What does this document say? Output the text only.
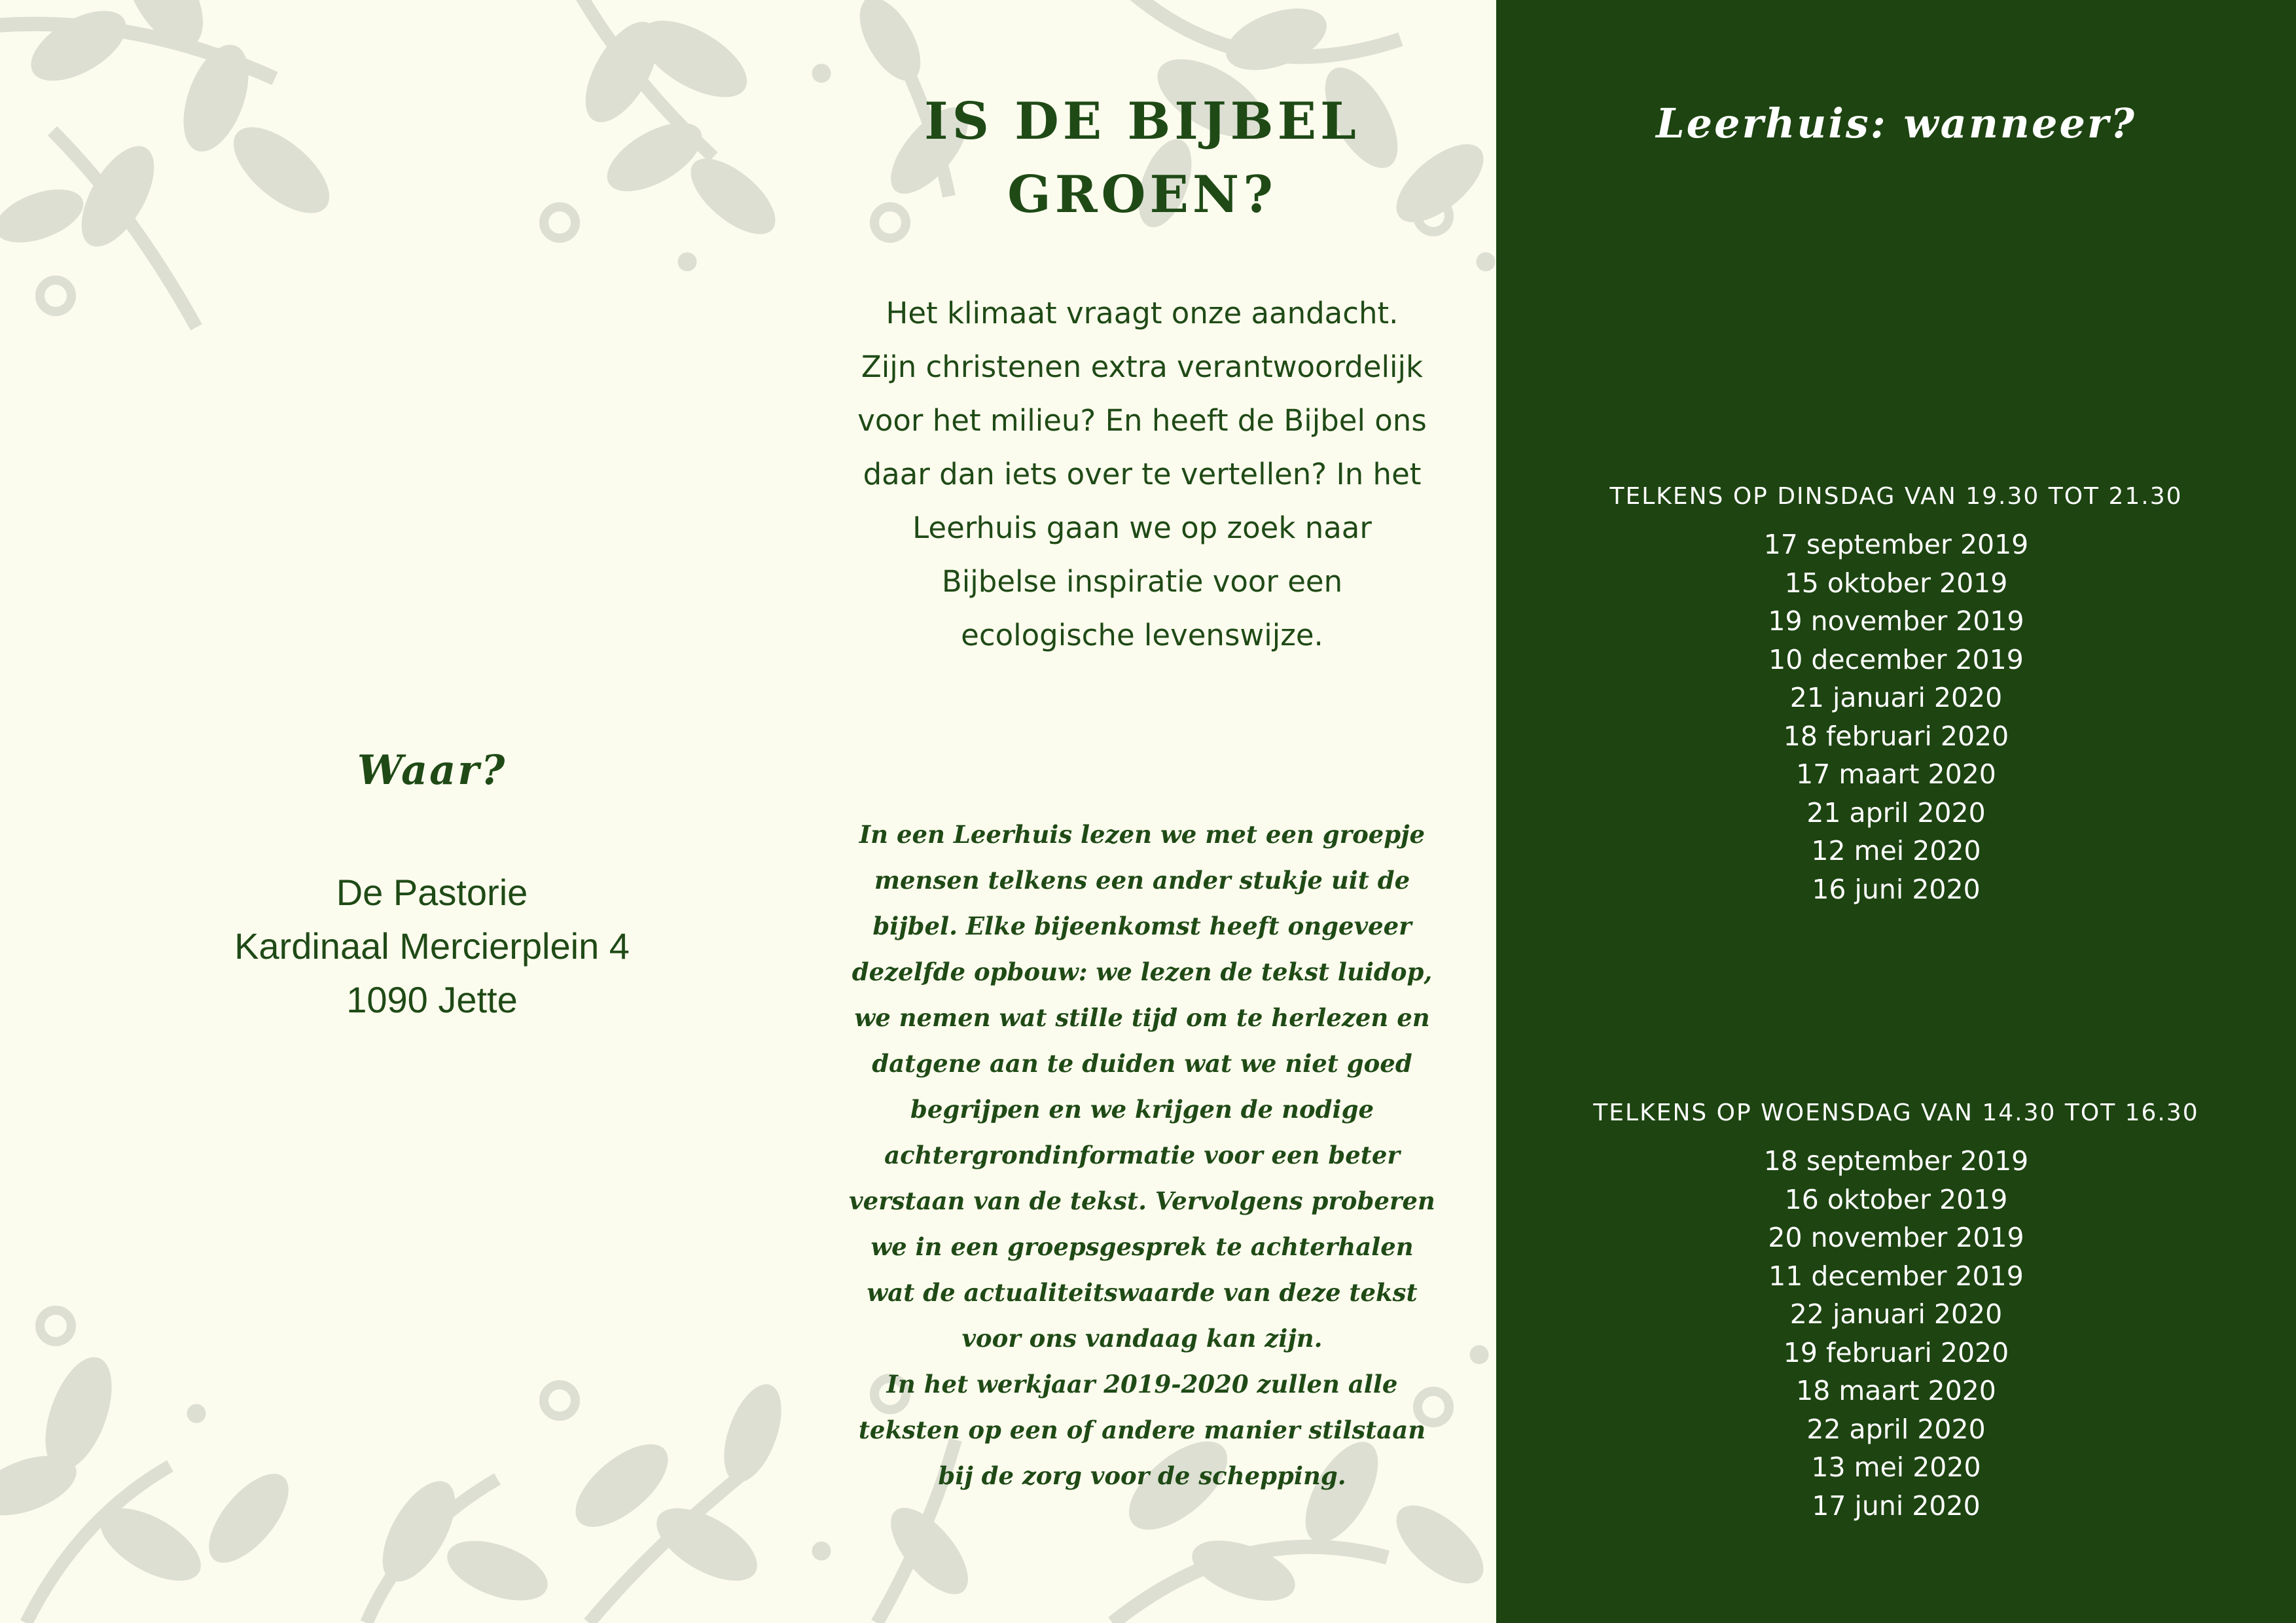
Waar?
De Pastorie
Kardinaal Mercierplein 4
1090 Jette
IS DE BIJBEL
GROEN?

Het klimaat vraagt onze aandacht. Zijn christenen extra verantwoordelijk voor het milieu? En heeft de Bijbel ons daar dan iets over te vertellen? In het Leerhuis gaan we op zoek naar Bijbelse inspiratie voor een ecologische levenswijze.

In een Leerhuis lezen we met een groepje mensen telkens een ander stukje uit de bijbel. Elke bijeenkomst heeft ongeveer dezelfde opbouw: we lezen de tekst luidop, we nemen wat stille tijd om te herlezen en datgene aan te duiden wat we niet goed begrijpen en we krijgen de nodige achtergrondinformatie voor een beter verstaan van de tekst. Vervolgens proberen we in een groepsgesprek te achterhalen wat de actualiteitswaarde van deze tekst voor ons vandaag kan zijn.
In het werkjaar 2019-2020 zullen alle teksten op een of andere manier stilstaan bij de zorg voor de schepping.

Leerhuis: wanneer?
TELKENS OP DINSDAG VAN 19.30 TOT 21.30
17 september 2019
15 oktober 2019
19 november 2019
10 december 2019
21 januari 2020
18 februari 2020
17 maart 2020
21 april 2020
12 mei 2020
16 juni 2020
TELKENS OP WOENSDAG VAN 14.30 TOT 16.30
18 september 2019
16 oktober 2019
20 november 2019
11 december 2019
22 januari 2020
19 februari 2020
18 maart 2020
22 april 2020
13 mei 2020
17 juni 2020
